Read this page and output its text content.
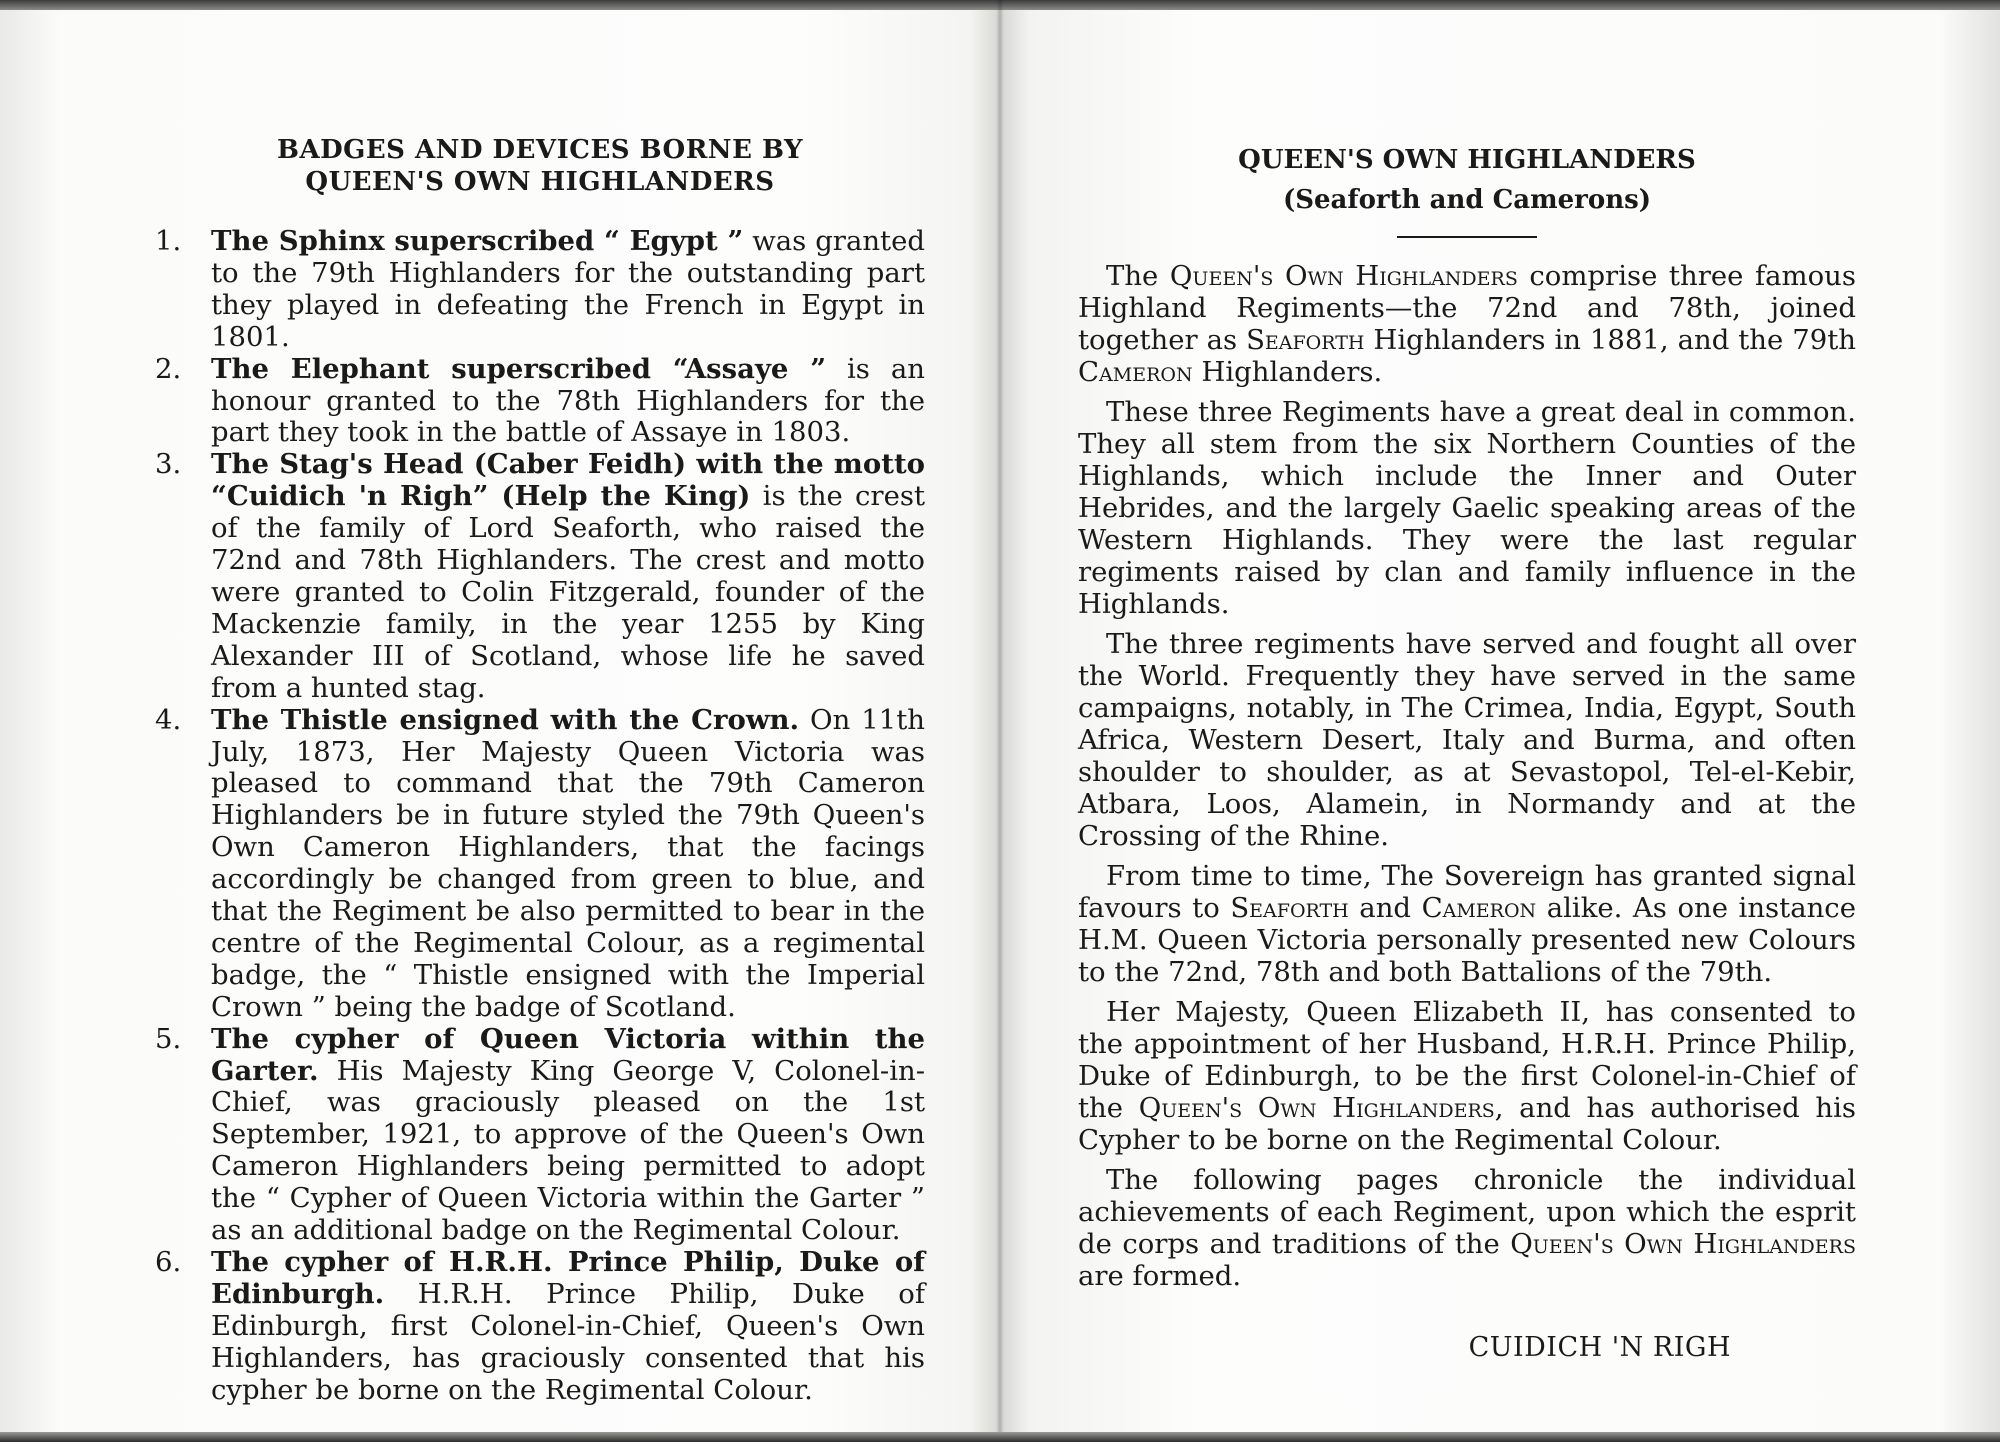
BADGES AND DEVICES BORNE BY
QUEEN'S OWN HIGHLANDERS
1. The Sphinx superscribed “ Egypt ” was granted to the 79th Highlanders for the outstanding part they played in defeating the French in Egypt in 1801.
2. The Elephant superscribed “Assaye ” is an honour granted to the 78th Highlanders for the part they took in the battle of Assaye in 1803.
3. The Stag's Head (Caber Feidh) with the motto “Cuidich 'n Righ” (Help the King) is the crest of the family of Lord Seaforth, who raised the 72nd and 78th Highlanders. The crest and motto were granted to Colin Fitzgerald, founder of the Mackenzie family, in the year 1255 by King Alexander III of Scotland, whose life he saved from a hunted stag.
4. The Thistle ensigned with the Crown. On 11th July, 1873, Her Majesty Queen Victoria was pleased to command that the 79th Cameron Highlanders be in future styled the 79th Queen's Own Cameron Highlanders, that the facings accordingly be changed from green to blue, and that the Regiment be also permitted to bear in the centre of the Regimental Colour, as a regimental badge, the “ Thistle ensigned with the Imperial Crown ” being the badge of Scotland.
5. The cypher of Queen Victoria within the Garter. His Majesty King George V, Colonel-in-Chief, was graciously pleased on the 1st September, 1921, to approve of the Queen's Own Cameron Highlanders being permitted to adopt the “ Cypher of Queen Victoria within the Garter ” as an additional badge on the Regimental Colour.
6. The cypher of H.R.H. Prince Philip, Duke of Edinburgh. H.R.H. Prince Philip, Duke of Edinburgh, first Colonel-in-Chief, Queen's Own Highlanders, has graciously consented that his cypher be borne on the Regimental Colour.
QUEEN'S OWN HIGHLANDERS
(Seaforth and Camerons)

The Queen's Own Highlanders comprise three famous Highland Regiments—the 72nd and 78th, joined together as Seaforth Highlanders in 1881, and the 79th Cameron Highlanders.

These three Regiments have a great deal in common. They all stem from the six Northern Counties of the Highlands, which include the Inner and Outer Hebrides, and the largely Gaelic speaking areas of the Western Highlands. They were the last regular regiments raised by clan and family influence in the Highlands.

The three regiments have served and fought all over the World. Frequently they have served in the same campaigns, notably, in The Crimea, India, Egypt, South Africa, Western Desert, Italy and Burma, and often shoulder to shoulder, as at Sevastopol, Tel-el-Kebir, Atbara, Loos, Alamein, in Normandy and at the Crossing of the Rhine.

From time to time, The Sovereign has granted signal favours to Seaforth and Cameron alike. As one instance H.M. Queen Victoria personally presented new Colours to the 72nd, 78th and both Battalions of the 79th.

Her Majesty, Queen Elizabeth II, has consented to the appointment of her Husband, H.R.H. Prince Philip, Duke of Edinburgh, to be the first Colonel-in-Chief of the Queen's Own Highlanders, and has authorised his Cypher to be borne on the Regimental Colour.

The following pages chronicle the individual achievements of each Regiment, upon which the esprit de corps and traditions of the Queen's Own Highlanders are formed.

CUIDICH 'N RIGH
